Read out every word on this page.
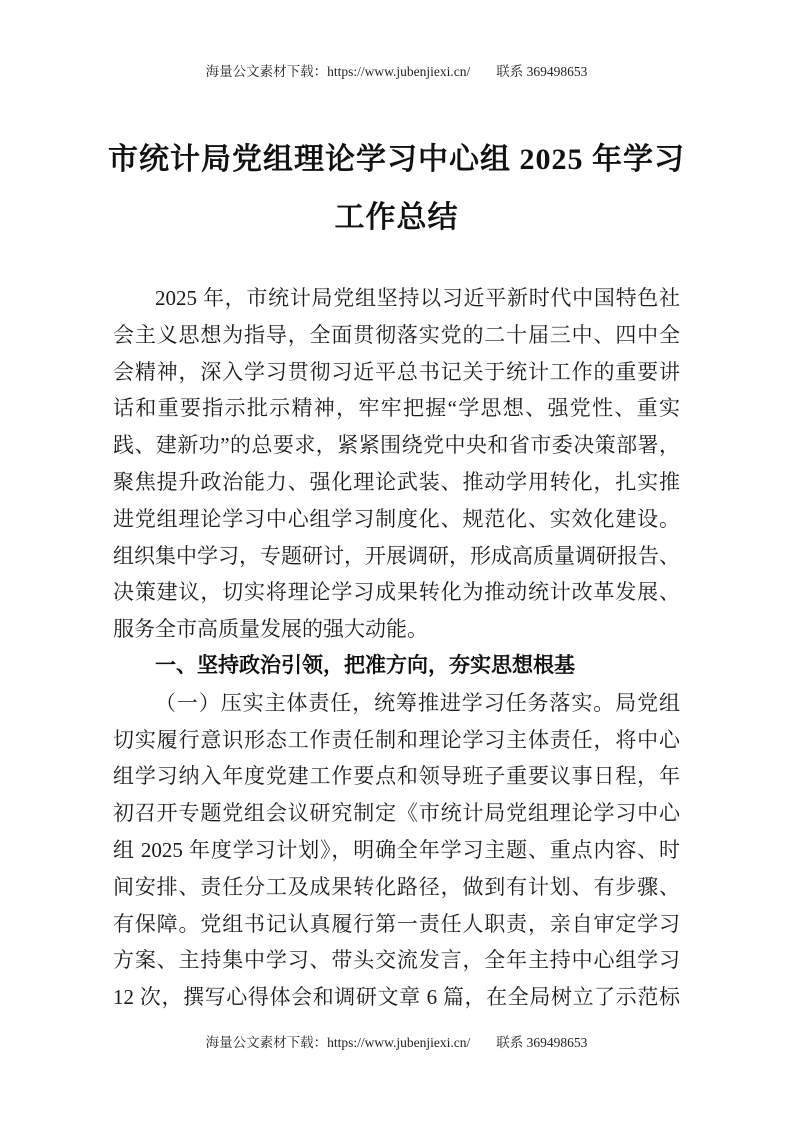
海量公文素材下载：https://www.jubenjiexi.cn/ 联系 369498653
市统计局党组理论学习中心组 2025 年学习
工作总结
2025 年，市统计局党组坚持以习近平新时代中国特色社
会主义思想为指导，全面贯彻落实党的二十届三中、四中全
会精神，深入学习贯彻习近平总书记关于统计工作的重要讲
话和重要指示批示精神，牢牢把握“学思想、强党性、重实
践、建新功”的总要求，紧紧围绕党中央和省市委决策部署，
聚焦提升政治能力、强化理论武装、推动学用转化，扎实推
进党组理论学习中心组学习制度化、规范化、实效化建设。
组织集中学习，专题研讨，开展调研，形成高质量调研报告、
决策建议，切实将理论学习成果转化为推动统计改革发展、
服务全市高质量发展的强大动能。
一、坚持政治引领，把准方向，夯实思想根基
（一）压实主体责任，统筹推进学习任务落实。局党组
切实履行意识形态工作责任制和理论学习主体责任，将中心
组学习纳入年度党建工作要点和领导班子重要议事日程，年
初召开专题党组会议研究制定《市统计局党组理论学习中心
组 2025 年度学习计划》，明确全年学习主题、重点内容、时
间安排、责任分工及成果转化路径，做到有计划、有步骤、
有保障。党组书记认真履行第一责任人职责，亲自审定学习
方案、主持集中学习、带头交流发言，全年主持中心组学习
12 次，撰写心得体会和调研文章 6 篇，在全局树立了示范标
海量公文素材下载：https://www.jubenjiexi.cn/ 联系 369498653
